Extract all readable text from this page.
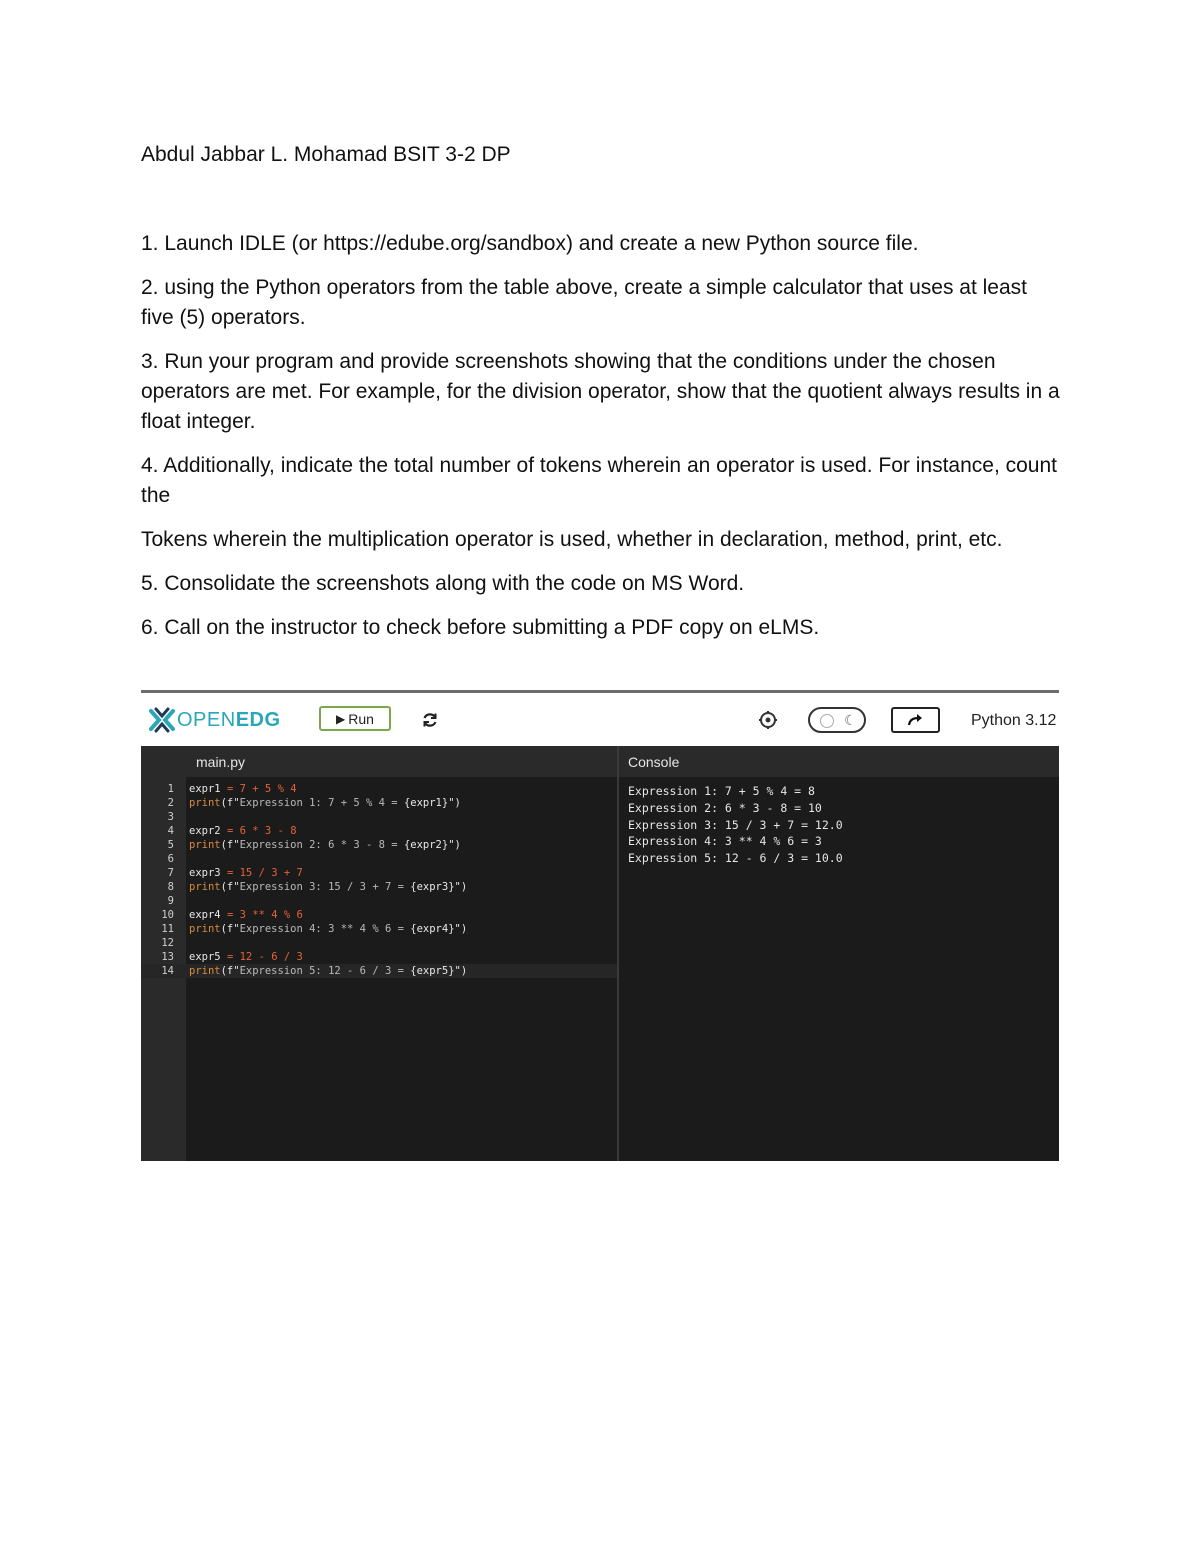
Abdul Jabbar L. Mohamad BSIT 3-2 DP

1. Launch IDLE (or https://edube.org/sandbox) and create a new Python source file.

2. using the Python operators from the table above, create a simple calculator that uses at least five (5) operators.

3. Run your program and provide screenshots showing that the conditions under the chosen operators are met. For example, for the division operator, show that the quotient always results in a float integer.

4. Additionally, indicate the total number of tokens wherein an operator is used. For instance, count the

Tokens wherein the multiplication operator is used, whether in declaration, method, print, etc.

5. Consolidate the screenshots along with the code on MS Word.

6. Call on the instructor to check before submitting a PDF copy on eLMS.

OPEN EDG	▶ Run	☾	Python 3.12
main.py	Console
1 expr1 = 7 + 5 % 4
2 print(f"Expression 1: 7 + 5 % 4 = {expr1}")
3
4 expr2 = 6 * 3 - 8
5 print(f"Expression 2: 6 * 3 - 8 = {expr2}")
6
7 expr3 = 15 / 3 + 7
8 print(f"Expression 3: 15 / 3 + 7 = {expr3}")
9
10 expr4 = 3 ** 4 % 6
11 print(f"Expression 4: 3 ** 4 % 6 = {expr4}")
12
13 expr5 = 12 - 6 / 3
14 print(f"Expression 5: 12 - 6 / 3 = {expr5}")
Expression 1: 7 + 5 % 4 = 8
Expression 2: 6 * 3 - 8 = 10
Expression 3: 15 / 3 + 7 = 12.0
Expression 4: 3 ** 4 % 6 = 3
Expression 5: 12 - 6 / 3 = 10.0
